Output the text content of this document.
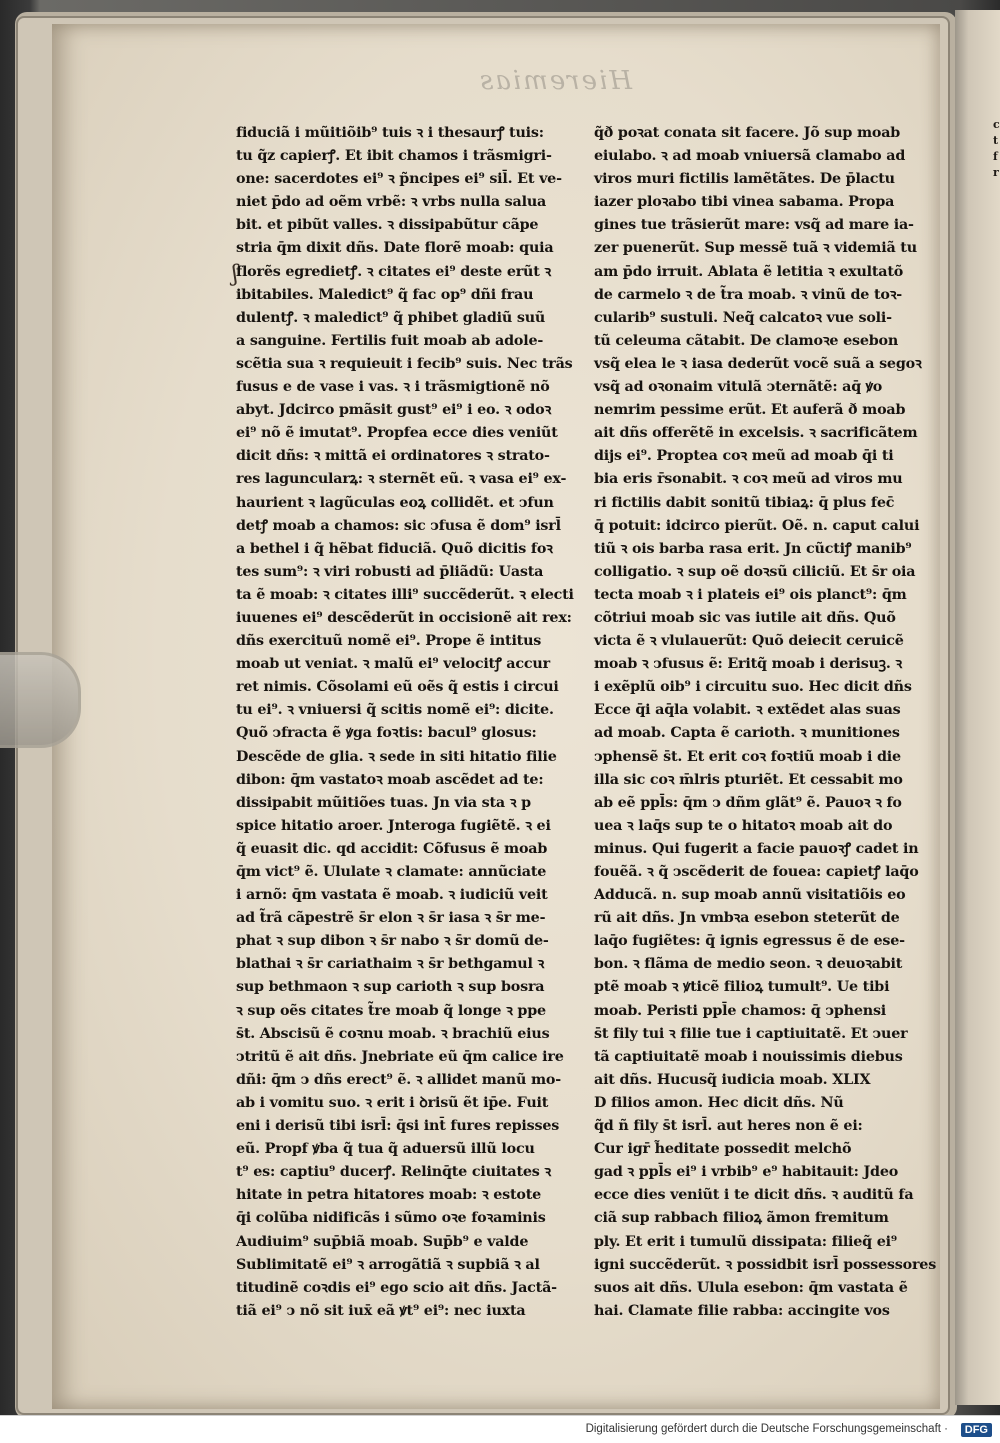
c
t
f
r
Hieremias
ʃ
fiduciã i mũitiõib⁹ tuis ꝛ i thesaurꝭ tuis:
tu q̃z capierꝭ. Et ibit chamos i trãsmigri-
one: sacerdotes ei⁹ ꝛ p̃ncipes ei⁹ sil̄. Et ve-
niet p̄do ad oẽm vrbẽ: ꝛ vrbs nulla salua
bit. et pibũt valles. ꝛ dissipabũtur cãpe
stria q̄m dixit dñs. Date florẽ moab: quia
florẽs egredietꝭ. ꝛ citates ei⁹ deste erũt ꝛ
ibitabiles. Maledict⁹ q̃ fac op⁹ dñi frau
dulentꝭ. ꝛ maledict⁹ q̃ phibet gladiũ suũ
a sanguine. Fertilis fuit moab ab adole-
scẽtia sua ꝛ requieuit i fecib⁹ suis. Nec trãs
fusus e de vase i vas. ꝛ i trãsmigtionẽ nõ
abyt. Jdcirco pmãsit gust⁹ ei⁹ i eo. ꝛ odoꝛ
ei⁹ nõ ẽ imutat⁹. Propfea ecce dies veniũt
dicit dñs: ꝛ mittã ei ordinatores ꝛ strato-
res laguncularꝝ: ꝛ sternẽt eũ. ꝛ vasa ei⁹ ex-
haurient ꝛ lagũculas eoꝝ collidẽt. et ↄfun
detꝭ moab a chamos: sic ↄfusa ẽ dom⁹ isrl̄
a bethel i q̃ hẽbat fiduciã. Quõ dicitis foꝛ
tes sum⁹: ꝛ viri robusti ad p̄liãdũ: Uasta
ta ẽ moab: ꝛ citates illi⁹ succẽderũt. ꝛ electi
iuuenes ei⁹ descẽderũt in occisionẽ ait rex:
dñs exercituũ nomẽ ei⁹. Prope ẽ intitus
moab ut veniat. ꝛ malũ ei⁹ velocitꝭ accur
ret nimis. Cõsolami eũ oẽs q̃ estis i circui
tu ei⁹. ꝛ vniuersi q̃ scitis nomẽ ei⁹: dicite.
Quõ ↄfracta ẽ ꝟga foꝛtis: bacul⁹ glosus:
Descẽde de glia. ꝛ sede in siti hitatio filie
dibon: q̄m vastatoꝛ moab ascẽdet ad te:
dissipabit mũitiões tuas. Jn via sta ꝛ p
spice hitatio aroer. Jnteroga fugiẽtẽ. ꝛ ei
q̃ euasit dic. qd accidit: Cõfusus ẽ moab
q̄m vict⁹ ẽ. Ululate ꝛ clamate: annũciate
i arnõ: q̄m vastata ẽ moab. ꝛ iudiciũ veit
ad t̃rã cãpestrẽ s̄r elon ꝛ s̄r iasa ꝛ s̄r me-
phat ꝛ sup dibon ꝛ s̄r nabo ꝛ s̄r domũ de-
blathai ꝛ s̄r cariathaim ꝛ s̄r bethgamul ꝛ
sup bethmaon ꝛ sup carioth ꝛ sup bosra
ꝛ sup oẽs citates t̃re moab q̃ longe ꝛ ppe
s̄t. Abscisũ ẽ coꝛnu moab. ꝛ brachiũ eius
ↄtritũ ẽ ait dñs. Jnebriate eũ q̄m calice ire
dñi: q̄m ↄ dñs erect⁹ ẽ. ꝛ allidet manũ mo-
ab i vomitu suo. ꝛ erit i ꝺrisũ ẽt ip̄e. Fuit
eni i derisũ tibi isrl̄: q̄si int̄ fures repisses
eũ. Propf ꝟba q̃ tua q̃ aduersũ illũ locu
t⁹ es: captiu⁹ ducerꝭ. Relinq̄te ciuitates ꝛ
hitate in petra hitatores moab: ꝛ estote
q̄i colũba nidificãs i sũmo oꝛe foꝛaminis
Audiuim⁹ sup̄biã moab. Sup̄b⁹ e valde
Sublimitatẽ ei⁹ ꝛ arrogãtiã ꝛ supbiã ꝛ al
titudinẽ coꝛdis ei⁹ ego scio ait dñs. Jactã-
tiã ei⁹ ↄ nõ sit iux̄ eã ꝟt⁹ ei⁹: nec iuxta
q̃ð poꝛat conata sit facere. Jõ sup moab
eiulabo. ꝛ ad moab vniuersã clamabo ad
viros muri fictilis lamẽtãtes. De p̄lactu
iazer ploꝛabo tibi vinea sabama. Propa
gines tue trãsierũt mare: vsq̃ ad mare ia-
zer puenerũt. Sup messẽ tuã ꝛ videmiã tu
am p̄do irruit. Ablata ẽ letitia ꝛ exultatõ
de carmelo ꝛ de t̃ra moab. ꝛ vinũ de toꝛ-
cularib⁹ sustuli. Neq̃ calcatoꝛ vue soli-
tũ celeuma cãtabit. De clamoꝛe esebon
vsq̃ elea le ꝛ iasa dederũt vocẽ suã a segoꝛ
vsq̃ ad oꝛonaim vitulã ↄternãtẽ: aq̄ ꝟo
nemrim pessime erũt. Et auferã ð moab
ait dñs offerẽtẽ in excelsis. ꝛ sacrificãtem
dijs ei⁹. Proptea coꝛ meũ ad moab q̄i ti
bia eris r̄sonabit. ꝛ coꝛ meũ ad viros mu
ri fictilis dabit sonitũ tibiaꝝ: q̄ plus fec̄
q̄ potuit: idcirco pierũt. Oẽ. n. caput calui
tiũ ꝛ ois barba rasa erit. Jn cũctiꝭ manib⁹
colligatio. ꝛ sup oẽ doꝛsũ ciliciũ. Et s̄r oia
tecta moab ꝛ i plateis ei⁹ ois planct⁹: q̄m
cõtriui moab sic vas iutile ait dñs. Quõ
victa ẽ ꝛ vlulauerũt: Quõ deiecit ceruicẽ
moab ꝛ ↄfusus ẽ: Eritq̃ moab i derisuꝫ. ꝛ
i exẽplũ oib⁹ i circuitu suo. Hec dicit dñs
Ecce q̄i aq̄la volabit. ꝛ extẽdet alas suas
ad moab. Capta ẽ carioth. ꝛ munitiones
ↄphensẽ s̄t. Et erit coꝛ foꝛtiũ moab i die
illa sic coꝛ m̄lris pturiẽt. Et cessabit mo
ab eẽ ppl̄s: q̄m ↄ dñm glãt⁹ ẽ. Pauoꝛ ꝛ fo
uea ꝛ laq̄s sup te o hitatoꝛ moab ait do
minus. Qui fugerit a facie pauoꝛꝭ cadet in
fouẽã. ꝛ q̃ ↄscẽderit de fouea: capietꝭ laq̄o
Adducã. n. sup moab annũ visitatiõis eo
rũ ait dñs. Jn vmbꝛa esebon steterũt de
laq̄o fugiẽtes: q̄ ignis egressus ẽ de ese-
bon. ꝛ flãma de medio seon. ꝛ deuoꝛabit
ptẽ moab ꝛ ꝟticẽ filioꝝ tumult⁹. Ue tibi
moab. Peristi ppl̄e chamos: q̄ ↄphensi
s̄t fily tui ꝛ filie tue i captiuitatẽ. Et ↄuer
tã captiuitatẽ moab i nouissimis diebus
ait dñs. Hucusq̃ iudicia moab. XLIX
D filios amon. Hec dicit dñs. Nũ
q̃d ñ fily s̄t isrl̄. aut heres non ẽ ei:
Cur igr̄ h̃editate possedit melchõ
gad ꝛ ppl̄s ei⁹ i vrbib⁹ e⁹ habitauit: Jdeo
ecce dies veniũt i te dicit dñs. ꝛ auditũ fa
ciã sup rabbach filioꝝ ãmon fremitum
ply. Et erit i tumulũ dissipata: filieq̃ ei⁹
igni succẽderũt. ꝛ possidbit isrl̄ possessores
suos ait dñs. Ulula esebon: q̄m vastata ẽ
hai. Clamate filie rabba: accingite vos
Digitalisierung gefördert durch die Deutsche Forschungsgemeinschaft ·	DFG
